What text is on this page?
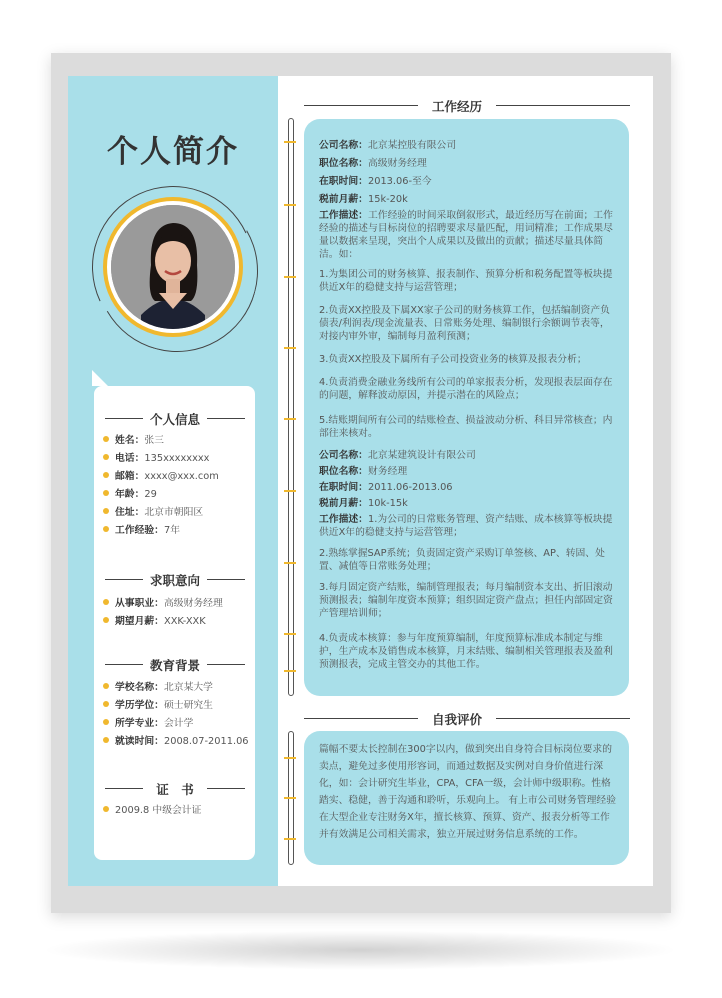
个人简介
个人信息
姓名：张三
电话：135xxxxxxxx
邮箱：xxxx@xxx.com
年龄：29
住址：北京市朝阳区
工作经验：7年
求职意向
从事职业：高级财务经理
期望月薪：XXK-XXK
教育背景
学校名称：北京某大学
学历学位：硕士研究生
所学专业：会计学
就读时间：2008.07-2011.06
证　书
2009.8 中级会计证
工作经历
公司名称：北京某控股有限公司
职位名称：高级财务经理
在职时间：2013.06-至今
税前月薪：15k-20k
工作描述：工作经验的时间采取倒叙形式，最近经历写在前面；工作经验的描述与目标岗位的招聘要求尽量匹配，用词精准；工作成果尽量以数据来呈现，突出个人成果以及做出的贡献；描述尽量具体简洁。如：
1.为集团公司的财务核算、报表制作、预算分析和税务配置等板块提供近X年的稳健支持与运营管理；
2.负责XX控股及下属XX家子公司的财务核算工作，包括编制资产负债表/利润表/现金流量表、日常账务处理、编制银行余额调节表等，对接内审外审，编制每月盈利预测；
3.负责XX控股及下属所有子公司投资业务的核算及报表分析；
4.负责消费金融业务线所有公司的单家报表分析，发现报表层面存在的问题，解释波动原因，并提示潜在的风险点；
5.结账期间所有公司的结账检查、损益波动分析、科目异常核查；内部往来核对。
公司名称：北京某建筑设计有限公司
职位名称：财务经理
在职时间：2011.06-2013.06
税前月薪：10k-15k
工作描述：1.为公司的日常账务管理、资产结账、成本核算等板块提供近X年的稳健支持与运营管理；
2.熟练掌握SAP系统；负责固定资产采购订单签核、AP、转固、处置、减值等日常账务处理；
3.每月固定资产结账，编制管理报表；每月编制资本支出、折旧滚动预测报表；编制年度资本预算；组织固定资产盘点；担任内部固定资产管理培训师；
4.负责成本核算：参与年度预算编制，年度预算标准成本制定与维护，生产成本及销售成本核算，月末结账、编制相关管理报表及盈利预测报表，完成主管交办的其他工作。
自我评价
篇幅不要太长控制在300字以内，做到突出自身符合目标岗位要求的卖点，避免过多使用形容词，而通过数据及实例对自身价值进行深化，如：会计研究生毕业，CPA，CFA一级，会计师中级职称。性格踏实、稳健，善于沟通和聆听，乐观向上。 有上市公司财务管理经验 在大型企业专注财务X年，擅长核算、预算、资产、报表分析等工作并有效满足公司相关需求，独立开展过财务信息系统的工作。
